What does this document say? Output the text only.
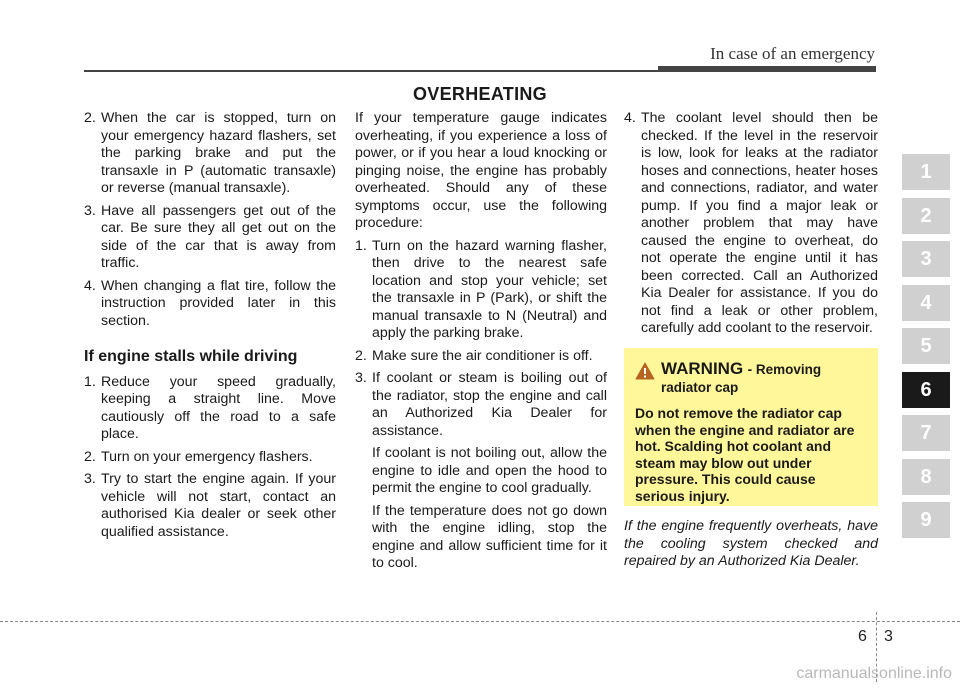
In case of an emergency
OVERHEATING
2. When the car is stopped, turn on your emergency hazard flashers, set the parking brake and put the transaxle in P (automatic transaxle) or reverse (manual transaxle).
3. Have all passengers get out of the car. Be sure they all get out on the side of the car that is away from traffic.
4. When changing a flat tire, follow the instruction provided later in this section.
If engine stalls while driving
1. Reduce your speed gradually, keeping a straight line. Move cautiously off the road to a safe place.
2. Turn on your emergency flashers.
3. Try to start the engine again. If your vehicle will not start, contact an authorised Kia dealer or seek other qualified assistance.
If your temperature gauge indicates overheating, if you experience a loss of power, or if you hear a loud knocking or pinging noise, the engine has probably overheated. Should any of these symptoms occur, use the following procedure:
1. Turn on the hazard warning flasher, then drive to the nearest safe location and stop your vehicle; set the transaxle in P (Park), or shift the manual transaxle to N (Neutral) and apply the parking brake.
2. Make sure the air conditioner is off.
3. If coolant or steam is boiling out of the radiator, stop the engine and call an Authorized Kia Dealer for assistance.
If coolant is not boiling out, allow the engine to idle and open the hood to permit the engine to cool gradually.
If the temperature does not go down with the engine idling, stop the engine and allow sufficient time for it to cool.
4. The coolant level should then be checked. If the level in the reservoir is low, look for leaks at the radiator hoses and connections, heater hoses and connections, radiator, and water pump. If you find a major leak or another problem that may have caused the engine to overheat, do not operate the engine until it has been corrected. Call an Authorized Kia Dealer for assistance. If you do not find a leak or other problem, carefully add coolant to the reservoir.
WARNING - Removing
radiator cap
Do not remove the radiator cap when the engine and radiator are hot. Scalding hot coolant and steam may blow out under pressure. This could cause serious injury.
If the engine frequently overheats, have the cooling system checked and repaired by an Authorized Kia Dealer.
1
2
3
4
5
6
7
8
9
6 3
carmanualsonline.info
